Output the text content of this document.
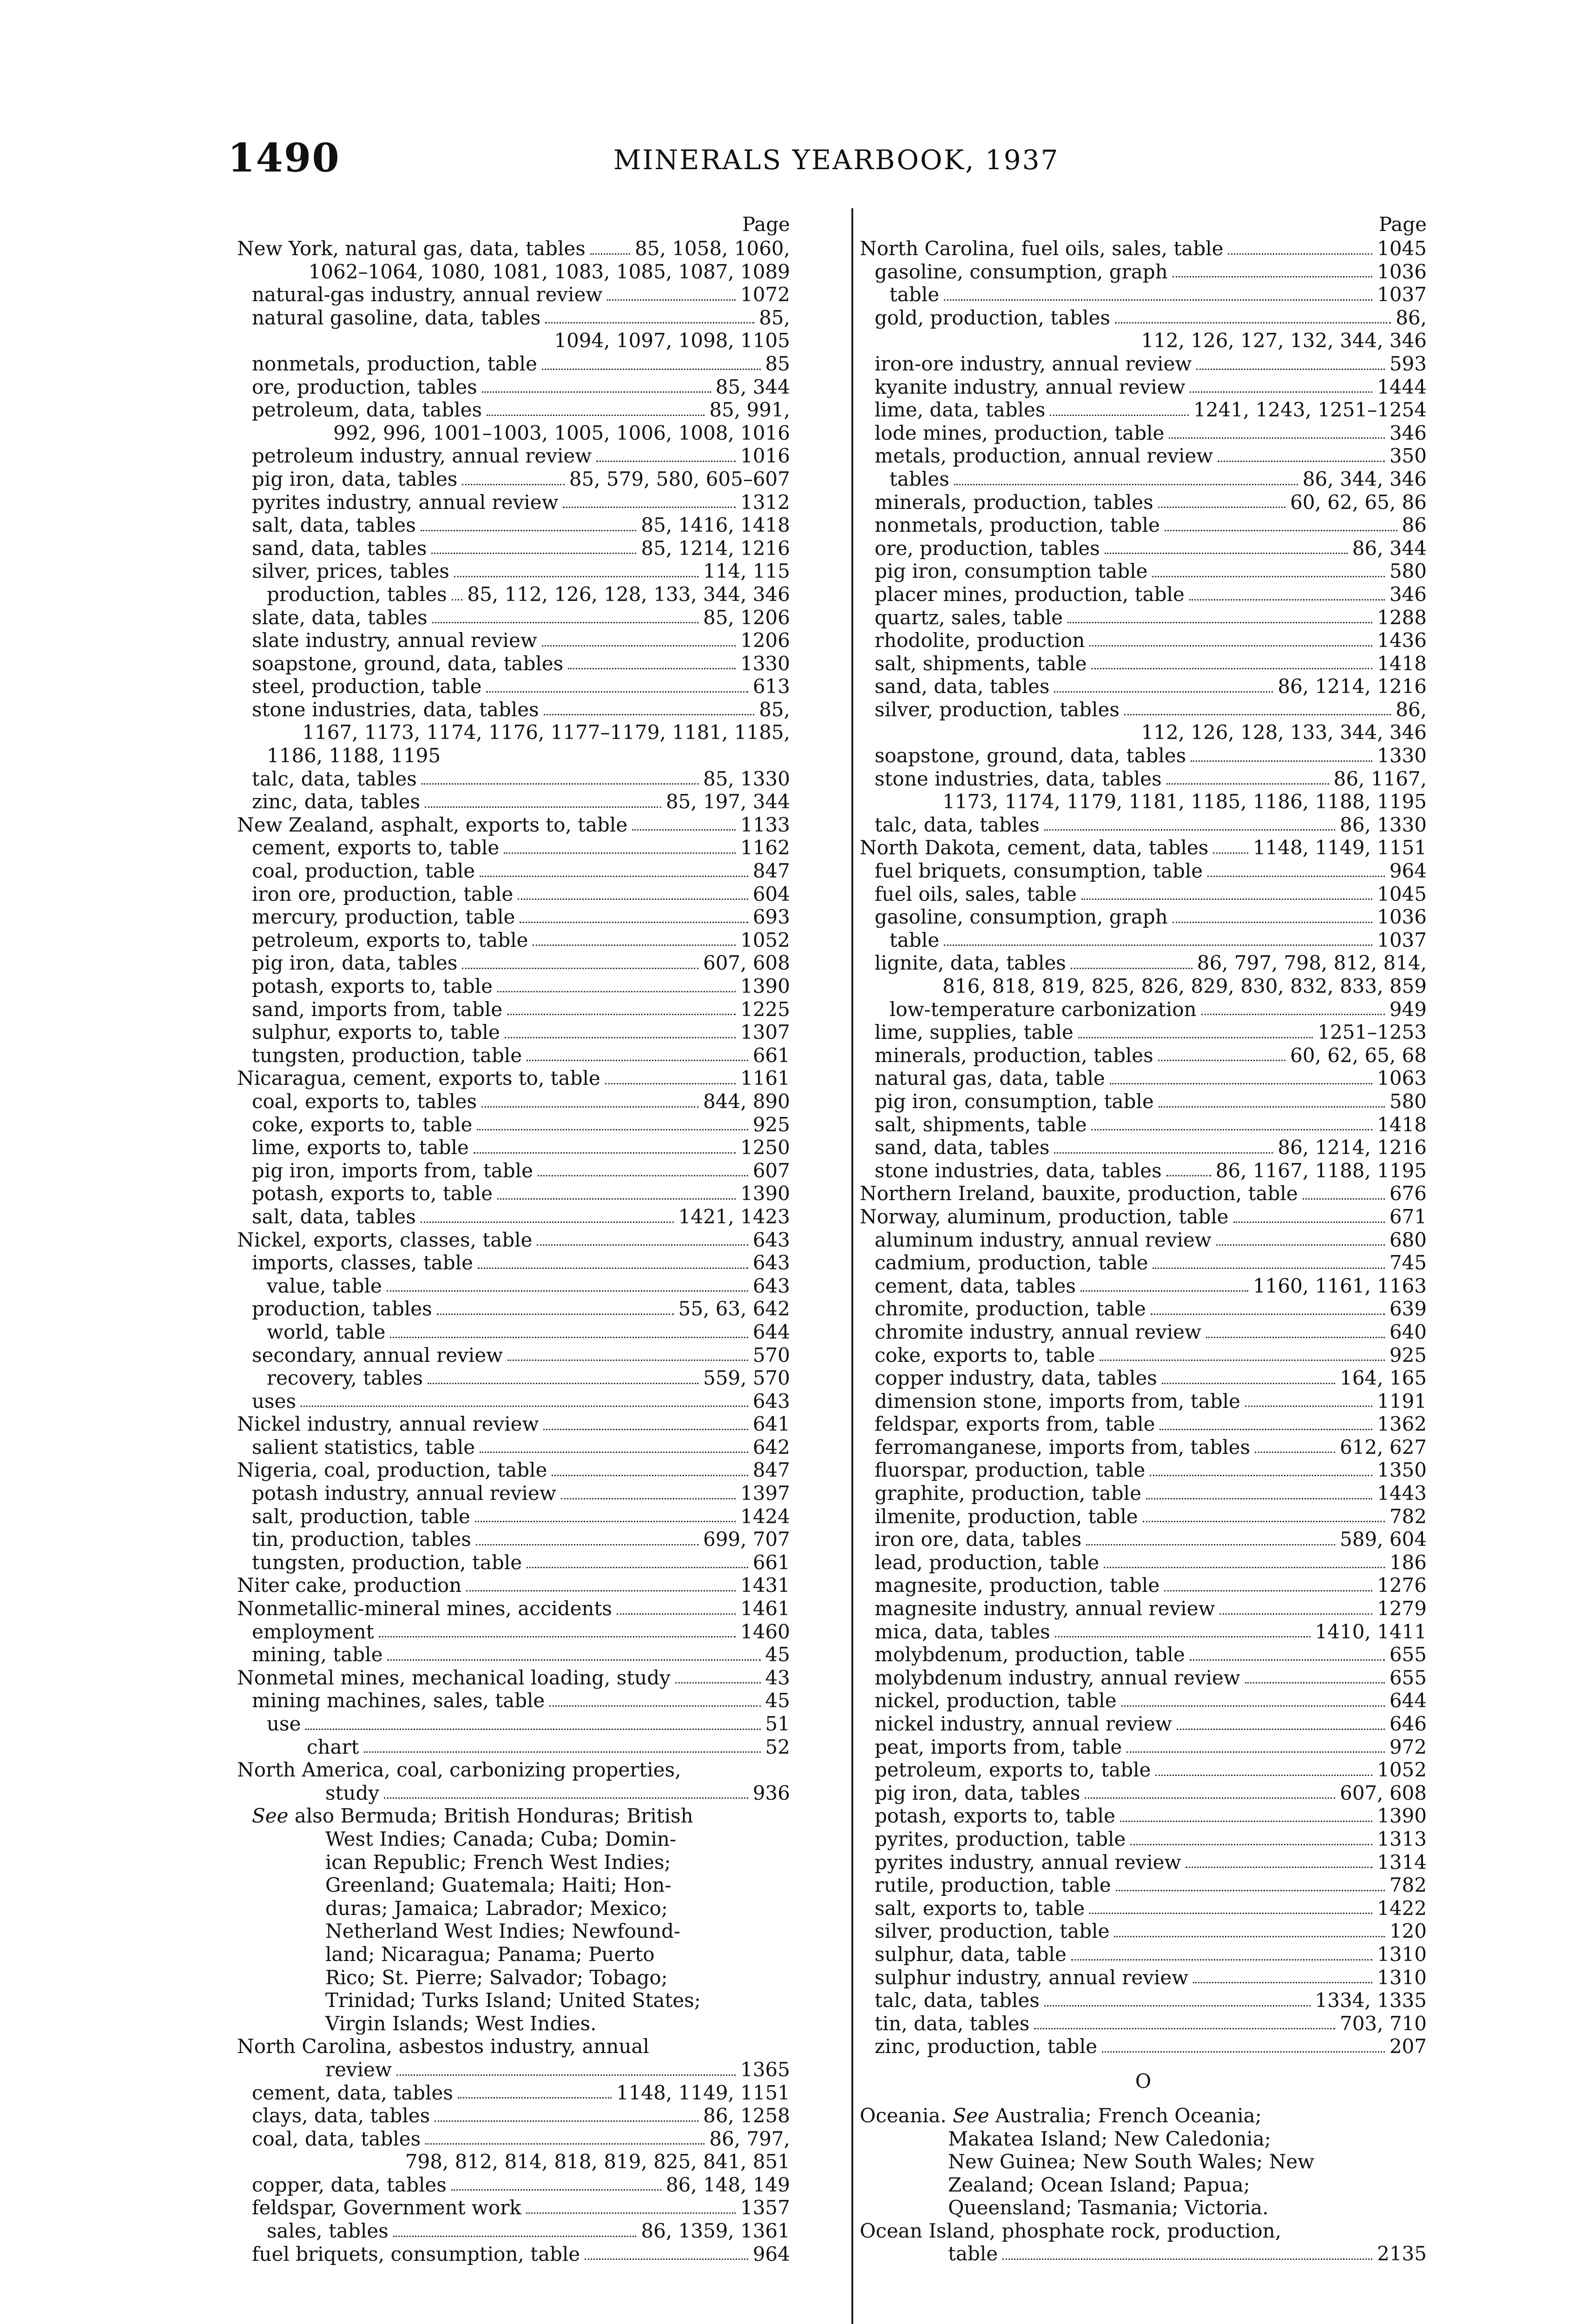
1490	MINERALS YEARBOOK, 1937
Page
New York, natural gas, data, tables	85, 1058, 1060,
1062–1064, 1080, 1081, 1083, 1085, 1087, 1089
natural-gas industry, annual review	1072
natural gasoline, data, tables	85,
1094, 1097, 1098, 1105
nonmetals, production, table	85
ore, production, tables	85, 344
petroleum, data, tables	85, 991,
992, 996, 1001–1003, 1005, 1006, 1008, 1016
petroleum industry, annual review	1016
pig iron, data, tables	85, 579, 580, 605–607
pyrites industry, annual review	1312
salt, data, tables	85, 1416, 1418
sand, data, tables	85, 1214, 1216
silver, prices, tables	114, 115
production, tables 85, 112, 126, 128, 133, 344, 346
slate, data, tables	85, 1206
slate industry, annual review	1206
soapstone, ground, data, tables	1330
steel, production, table	613
stone industries, data, tables	85,
1167, 1173, 1174, 1176, 1177–1179, 1181, 1185,
1186, 1188, 1195
talc, data, tables	85, 1330
zinc, data, tables	85, 197, 344
New Zealand, asphalt, exports to, table	1133
cement, exports to, table	1162
coal, production, table	847
iron ore, production, table	604
mercury, production, table	693
petroleum, exports to, table	1052
pig iron, data, tables	607, 608
potash, exports to, table	1390
sand, imports from, table	1225
sulphur, exports to, table	1307
tungsten, production, table	661
Nicaragua, cement, exports to, table	1161
coal, exports to, tables	844, 890
coke, exports to, table	925
lime, exports to, table	1250
pig iron, imports from, table	607
potash, exports to, table	1390
salt, data, tables	1421, 1423
Nickel, exports, classes, table	643
imports, classes, table	643
value, table	643
production, tables	55, 63, 642
world, table	644
secondary, annual review	570
recovery, tables	559, 570
uses	643
Nickel industry, annual review	641
salient statistics, table	642
Nigeria, coal, production, table	847
potash industry, annual review	1397
salt, production, table	1424
tin, production, tables	699, 707
tungsten, production, table	661
Niter cake, production	1431
Nonmetallic-mineral mines, accidents	1461
employment	1460
mining, table	45
Nonmetal mines, mechanical loading, study	43
mining machines, sales, table	45
use	51
chart	52
North America, coal, carbonizing properties,
study	936
See also Bermuda; British Honduras; British
West Indies; Canada; Cuba; Domin-
ican Republic; French West Indies;
Greenland; Guatemala; Haiti; Hon-
duras; Jamaica; Labrador; Mexico;
Netherland West Indies; Newfound-
land; Nicaragua; Panama; Puerto
Rico; St. Pierre; Salvador; Tobago;
Trinidad; Turks Island; United States;
Virgin Islands; West Indies.
North Carolina, asbestos industry, annual
review	1365
cement, data, tables	1148, 1149, 1151
clays, data, tables	86, 1258
coal, data, tables	86, 797,
798, 812, 814, 818, 819, 825, 841, 851
copper, data, tables	86, 148, 149
feldspar, Government work	1357
sales, tables	86, 1359, 1361
fuel briquets, consumption, table	964
Page
North Carolina, fuel oils, sales, table	1045
gasoline, consumption, graph	1036
table	1037
gold, production, tables	86,
112, 126, 127, 132, 344, 346
iron-ore industry, annual review	593
kyanite industry, annual review	1444
lime, data, tables	1241, 1243, 1251–1254
lode mines, production, table	346
metals, production, annual review	350
tables	86, 344, 346
minerals, production, tables	60, 62, 65, 86
nonmetals, production, table	86
ore, production, tables	86, 344
pig iron, consumption table	580
placer mines, production, table	346
quartz, sales, table	1288
rhodolite, production	1436
salt, shipments, table	1418
sand, data, tables	86, 1214, 1216
silver, production, tables	86,
112, 126, 128, 133, 344, 346
soapstone, ground, data, tables	1330
stone industries, data, tables	86, 1167,
1173, 1174, 1179, 1181, 1185, 1186, 1188, 1195
talc, data, tables	86, 1330
North Dakota, cement, data, tables 1148, 1149, 1151
fuel briquets, consumption, table	964
fuel oils, sales, table	1045
gasoline, consumption, graph	1036
table	1037
lignite, data, tables	86, 797, 798, 812, 814,
816, 818, 819, 825, 826, 829, 830, 832, 833, 859
low-temperature carbonization	949
lime, supplies, table	1251–1253
minerals, production, tables	60, 62, 65, 68
natural gas, data, table	1063
pig iron, consumption, table	580
salt, shipments, table	1418
sand, data, tables	86, 1214, 1216
stone industries, data, tables	86, 1167, 1188, 1195
Northern Ireland, bauxite, production, table	676
Norway, aluminum, production, table	671
aluminum industry, annual review	680
cadmium, production, table	745
cement, data, tables	1160, 1161, 1163
chromite, production, table	639
chromite industry, annual review	640
coke, exports to, table	925
copper industry, data, tables	164, 165
dimension stone, imports from, table	1191
feldspar, exports from, table	1362
ferromanganese, imports from, tables	612, 627
fluorspar, production, table	1350
graphite, production, table	1443
ilmenite, production, table	782
iron ore, data, tables	589, 604
lead, production, table	186
magnesite, production, table	1276
magnesite industry, annual review	1279
mica, data, tables	1410, 1411
molybdenum, production, table	655
molybdenum industry, annual review	655
nickel, production, table	644
nickel industry, annual review	646
peat, imports from, table	972
petroleum, exports to, table	1052
pig iron, data, tables	607, 608
potash, exports to, table	1390
pyrites, production, table	1313
pyrites industry, annual review	1314
rutile, production, table	782
salt, exports to, table	1422
silver, production, table	120
sulphur, data, table	1310
sulphur industry, annual review	1310
talc, data, tables	1334, 1335
tin, data, tables	703, 710
zinc, production, table	207
O
Oceania. See Australia; French Oceania;
Makatea Island; New Caledonia;
New Guinea; New South Wales; New
Zealand; Ocean Island; Papua;
Queensland; Tasmania; Victoria.
Ocean Island, phosphate rock, production,
table	2135
